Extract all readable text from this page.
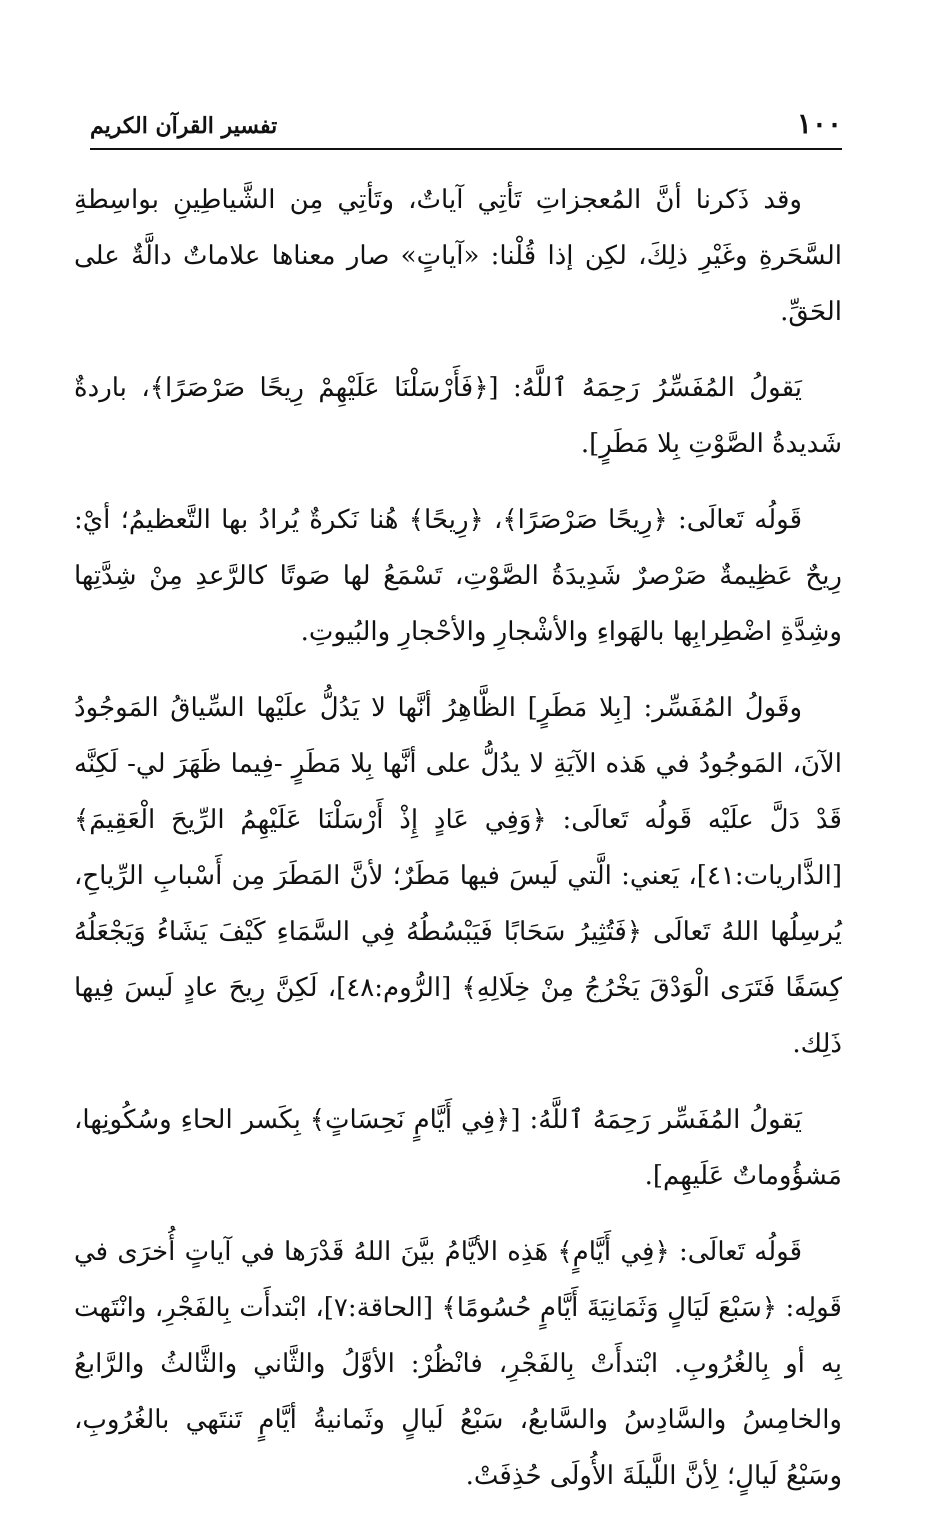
١٠٠
تفسير القرآن الكريم

وقد ذَكرنا أنَّ المُعجزاتِ تَأتِي آياتٌ، وتَأتِي مِن الشَّياطِينِ بواسِطةِ السَّحَرةِ وغَيْرِ ذلِكَ، لكِن إذا قُلْنا: «آياتٍ» صار معناها علاماتٌ دالَّةٌ على الحَقِّ.

يَقولُ المُفَسِّرُ رَحِمَهُ ٱللَّهُ: [﴿فَأَرْسَلْنَا عَلَيْهِمْ رِيحًا صَرْصَرًا﴾، باردةٌ شَديدةُ الصَّوْتِ بِلا مَطَرٍ].

قَولُه تَعالَى: ﴿رِيحًا صَرْصَرًا﴾، ﴿رِيحًا﴾ هُنا نَكرةٌ يُرادُ بها التَّعظيمُ؛ أيْ: رِيحٌ عَظِيمةٌ صَرْصرٌ شَدِيدَةُ الصَّوْتِ، تَسْمَعُ لها صَوتًا كالرَّعدِ مِنْ شِدَّتِها وشِدَّةِ اضْطِرابِها بالهَواءِ والأشْجارِ والأحْجارِ والبُيوتِ.

وقَولُ المُفَسِّر: [بِلا مَطَرٍ] الظَّاهِرُ أنَّها لا يَدُلُّ علَيْها السِّياقُ المَوجُودُ الآنَ، المَوجُودُ في هَذه الآيَةِ لا يدُلُّ على أنَّها بِلا مَطَرٍ -فِيما ظَهَرَ لي- لَكِنَّه قَدْ دَلَّ علَيْه قَولُه تَعالَى: ﴿وَفِي عَادٍ إِذْ أَرْسَلْنَا عَلَيْهِمُ الرِّيحَ الْعَقِيمَ﴾ [الذَّاريات:٤١]، يَعني: الَّتي لَيسَ فيها مَطَرٌ؛ لأنَّ المَطَرَ مِن أَسْبابِ الرِّياحِ، يُرسِلُها اللهُ تَعالَى ﴿فَتُثِيرُ سَحَابًا فَيَبْسُطُهُ فِي السَّمَاءِ كَيْفَ يَشَاءُ وَيَجْعَلُهُ كِسَفًا فَتَرَى الْوَدْقَ يَخْرُجُ مِنْ خِلَالِهِ﴾ [الرُّوم:٤٨]، لَكِنَّ رِيحَ عادٍ لَيسَ فِيها ذَلِك.

يَقولُ المُفَسِّر رَحِمَهُ ٱللَّهُ: [﴿فِي أَيَّامٍ نَحِسَاتٍ﴾ بِكَسر الحاءِ وسُكُونِها، مَشؤُوماتٌ عَلَيهِم].

قَولُه تَعالَى: ﴿فِي أَيَّامٍ﴾ هَذِه الأيَّامُ بيَّنَ اللهُ قَدْرَها في آياتٍ أُخرَى في قَولِه: ﴿سَبْعَ لَيَالٍ وَثَمَانِيَةَ أَيَّامٍ حُسُومًا﴾ [الحاقة:٧]، ابْتدأَت بِالفَجْرِ، وانْتَهت بِه أو بِالغُرُوبِ. ابْتدأَتْ بِالفَجْرِ، فانْظُرْ: الأوَّلُ والثَّاني والثَّالثُ والرَّابعُ والخامِسُ والسَّادِسُ والسَّابعُ، سَبْعُ لَيالٍ وثَمانيةُ أيَّامٍ تَنتَهي بالغُرُوبِ، وسَبْعُ لَيالٍ؛ لِأنَّ اللَّيلَةَ الأُولَى حُذِفَتْ.
